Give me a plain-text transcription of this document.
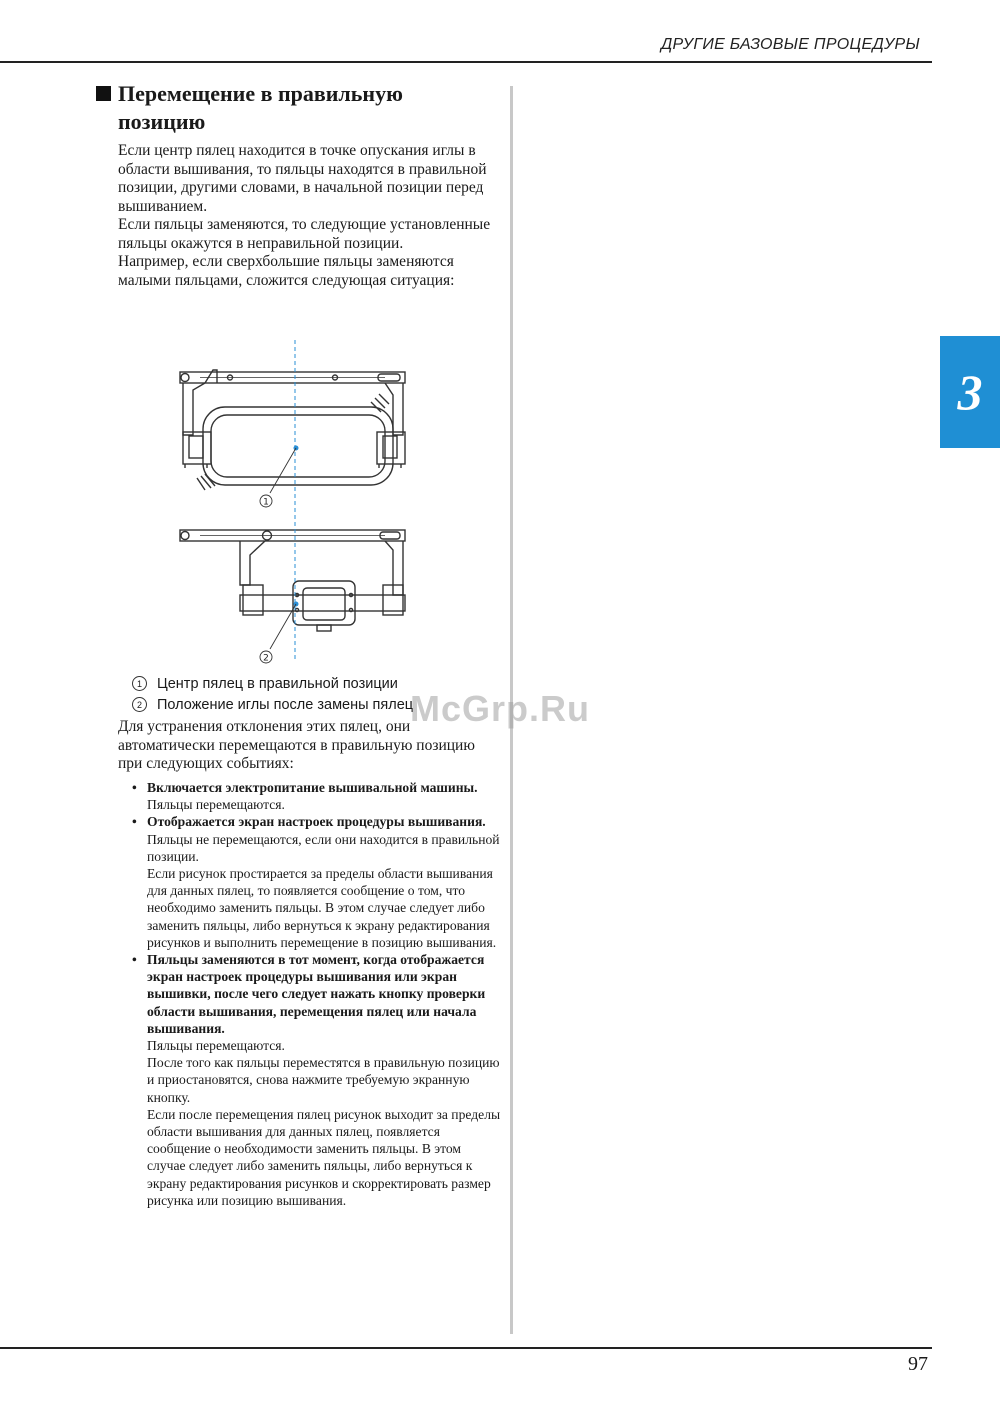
ДРУГИЕ БАЗОВЫЕ ПРОЦЕДУРЫ
3
Перемещение в правильную
позицию

Если центр пялец находится в точке опускания иглы в области вышивания, то пяльцы находятся в правильной позиции, другими словами, в начальной позиции перед вышиванием.

Если пяльцы заменяются, то следующие установленные пяльцы окажутся в неправильной позиции.

Например, если сверхбольшие пяльцы заменяются малыми пяльцами, сложится следующая ситуация:

1
2
1	Центр пялец в правильной позиции
2	Положение иглы после замены пялец

Для устранения отклонения этих пялец, они автоматически перемещаются в правильную позицию при следующих событиях:

• Включается электропитание вышивальной машины.

Пяльцы перемещаются.

• Отображается экран настроек процедуры вышивания.

Пяльцы не перемещаются, если они находится в правильной позиции.

Если рисунок простирается за пределы области вышивания для данных пялец, то появляется сообщение о том, что необходимо заменить пяльцы. В этом случае следует либо заменить пяльцы, либо вернуться к экрану редактирования рисунков и выполнить перемещение в позицию вышивания.

• Пяльцы заменяются в тот момент, когда отображается экран настроек процедуры вышивания или экран вышивки, после чего следует нажать кнопку проверки области вышивания, перемещения пялец или начала вышивания.

Пяльцы перемещаются.

После того как пяльцы переместятся в правильную позицию и приостановятся, снова нажмите требуемую экранную кнопку.

Если после перемещения пялец рисунок выходит за пределы области вышивания для данных пялец, появляется сообщение о необходимости заменить пяльцы. В этом случае следует либо заменить пяльцы, либо вернуться к экрану редактирования рисунков и скорректировать размер рисунка или позицию вышивания.

McGrp.Ru
97
